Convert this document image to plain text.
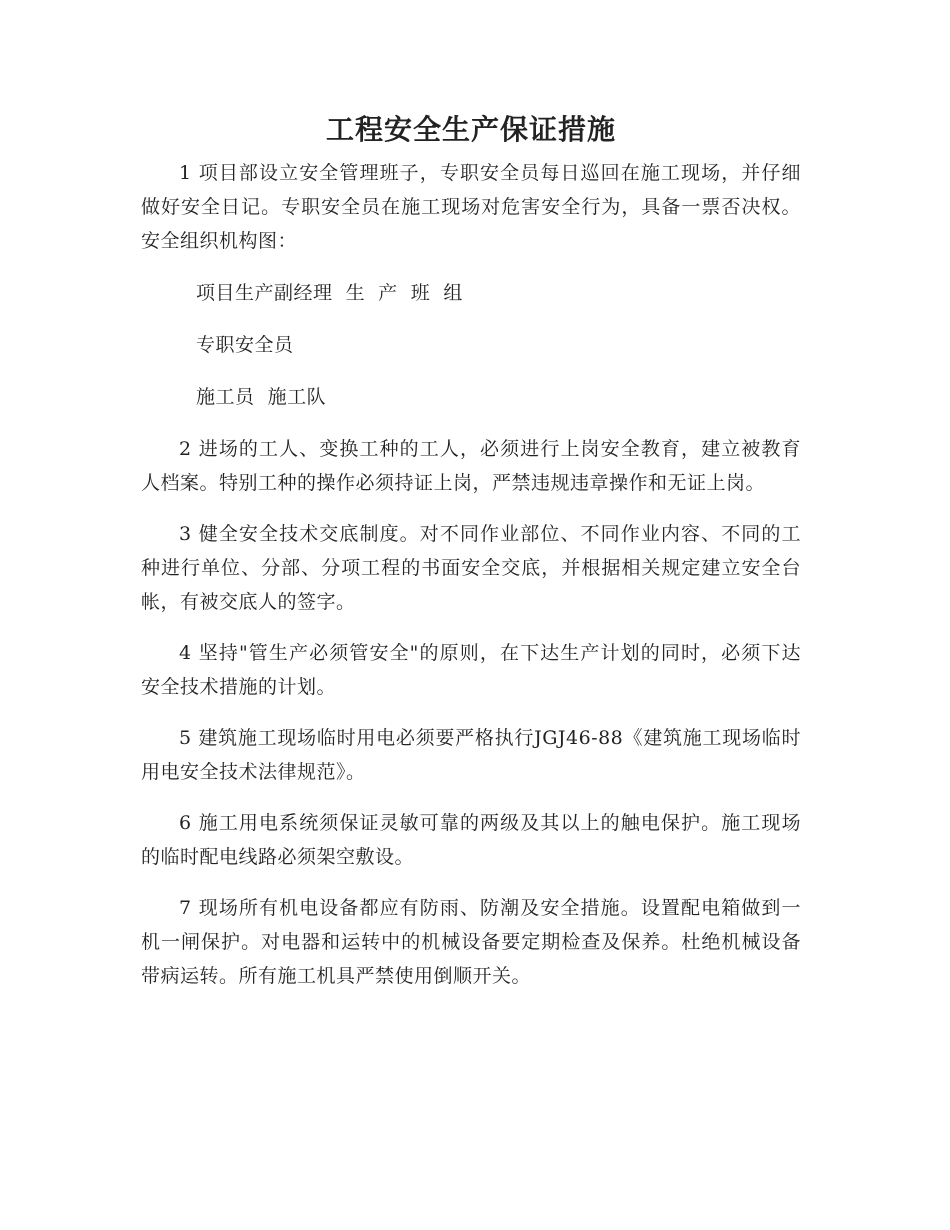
工程安全生产保证措施

1 项目部设立安全管理班子，专职安全员每日巡回在施工现场，并仔细做好安全日记。专职安全员在施工现场对危害安全行为，具备一票否决权。安全组织机构图：

项目生产副经理  生  产  班  组
专职安全员
施工员  施工队

2 进场的工人、变换工种的工人，必须进行上岗安全教育，建立被教育人档案。特别工种的操作必须持证上岗，严禁违规违章操作和无证上岗。

3 健全安全技术交底制度。对不同作业部位、不同作业内容、不同的工种进行单位、分部、分项工程的书面安全交底，并根据相关规定建立安全台帐，有被交底人的签字。

4 坚持"管生产必须管安全"的原则，在下达生产计划的同时，必须下达安全技术措施的计划。

5 建筑施工现场临时用电必须要严格执行JGJ46-88《建筑施工现场临时用电安全技术法律规范》。

6 施工用电系统须保证灵敏可靠的两级及其以上的触电保护。施工现场的临时配电线路必须架空敷设。

7 现场所有机电设备都应有防雨、防潮及安全措施。设置配电箱做到一机一闸保护。对电器和运转中的机械设备要定期检查及保养。杜绝机械设备带病运转。所有施工机具严禁使用倒顺开关。
